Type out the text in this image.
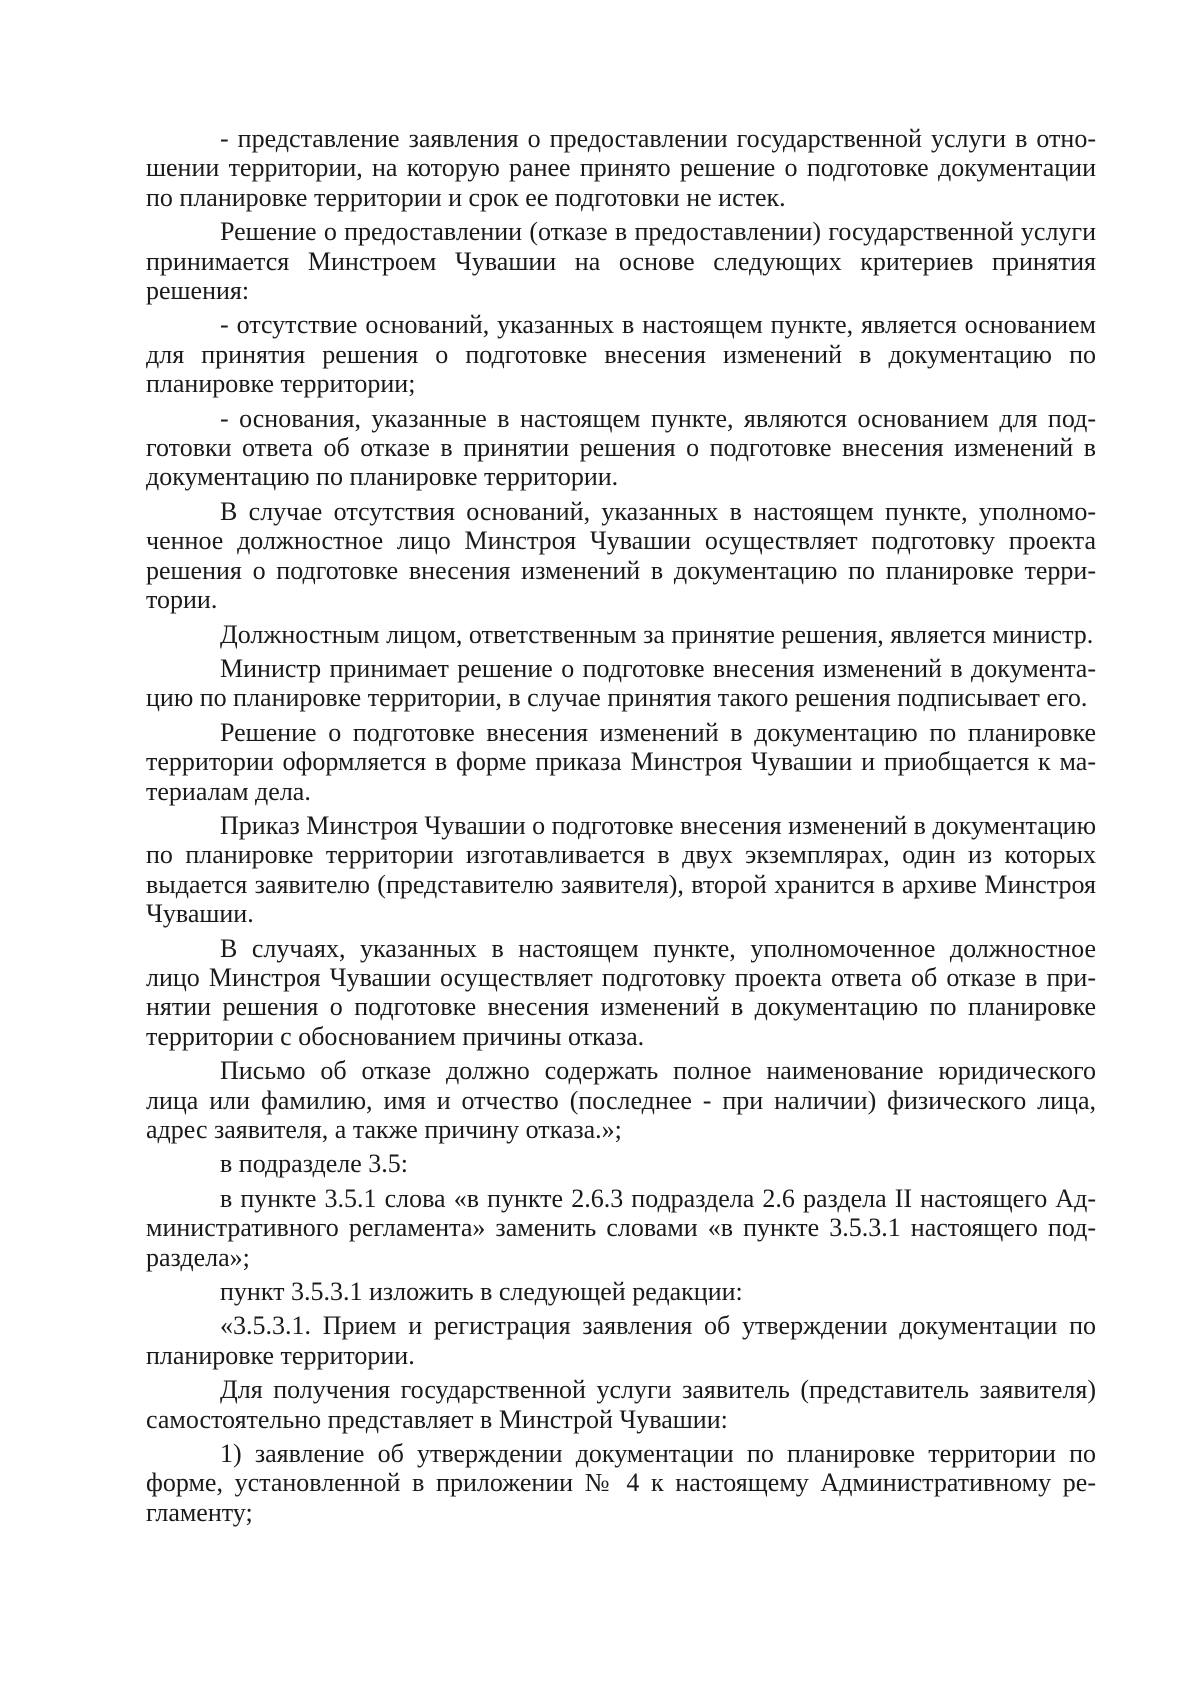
- представление заявления о предоставлении государственной услуги в отношении территории, на которую ранее принято решение о подготовке документации по планировке территории и срок ее подготовки не истек.

Решение о предоставлении (отказе в предоставлении) государственной услуги принимается Минстроем Чувашии на основе следующих критериев принятия решения:

- отсутствие оснований, указанных в настоящем пункте, является основанием для принятия решения о подготовке внесения изменений в документацию по планировке территории;

- основания, указанные в настоящем пункте, являются основанием для подготовки ответа об отказе в принятии решения о подготовке внесения изменений в документацию по планировке территории.

В случае отсутствия оснований, указанных в настоящем пункте, уполномоченное должностное лицо Минстроя Чувашии осуществляет подготовку проекта решения о подготовке внесения изменений в документацию по планировке территории.

Должностным лицом, ответственным за принятие решения, является министр.

Министр принимает решение о подготовке внесения изменений в документацию по планировке территории, в случае принятия такого решения подписывает его.

Решение о подготовке внесения изменений в документацию по планировке территории оформляется в форме приказа Минстроя Чувашии и приобщается к материалам дела.

Приказ Минстроя Чувашии о подготовке внесения изменений в документацию по планировке территории изготавливается в двух экземплярах, один из которых выдается заявителю (представителю заявителя), второй хранится в архиве Минстроя Чувашии.

В случаях, указанных в настоящем пункте, уполномоченное должностное лицо Минстроя Чувашии осуществляет подготовку проекта ответа об отказе в принятии решения о подготовке внесения изменений в документацию по планировке территории с обоснованием причины отказа.

Письмо об отказе должно содержать полное наименование юридического лица или фамилию, имя и отчество (последнее - при наличии) физического лица, адрес заявителя, а также причину отказа.»;

в подразделе 3.5:

в пункте 3.5.1 слова «в пункте 2.6.3 подраздела 2.6 раздела II настоящего Административного регламента» заменить словами «в пункте 3.5.3.1 настоящего подраздела»;

пункт 3.5.3.1 изложить в следующей редакции:

«3.5.3.1. Прием и регистрация заявления об утверждении документации по планировке территории.

Для получения государственной услуги заявитель (представитель заявителя) самостоятельно представляет в Минстрой Чувашии:

1) заявление об утверждении документации по планировке территории по форме, установленной в приложении № 4 к настоящему Административному регламенту;
